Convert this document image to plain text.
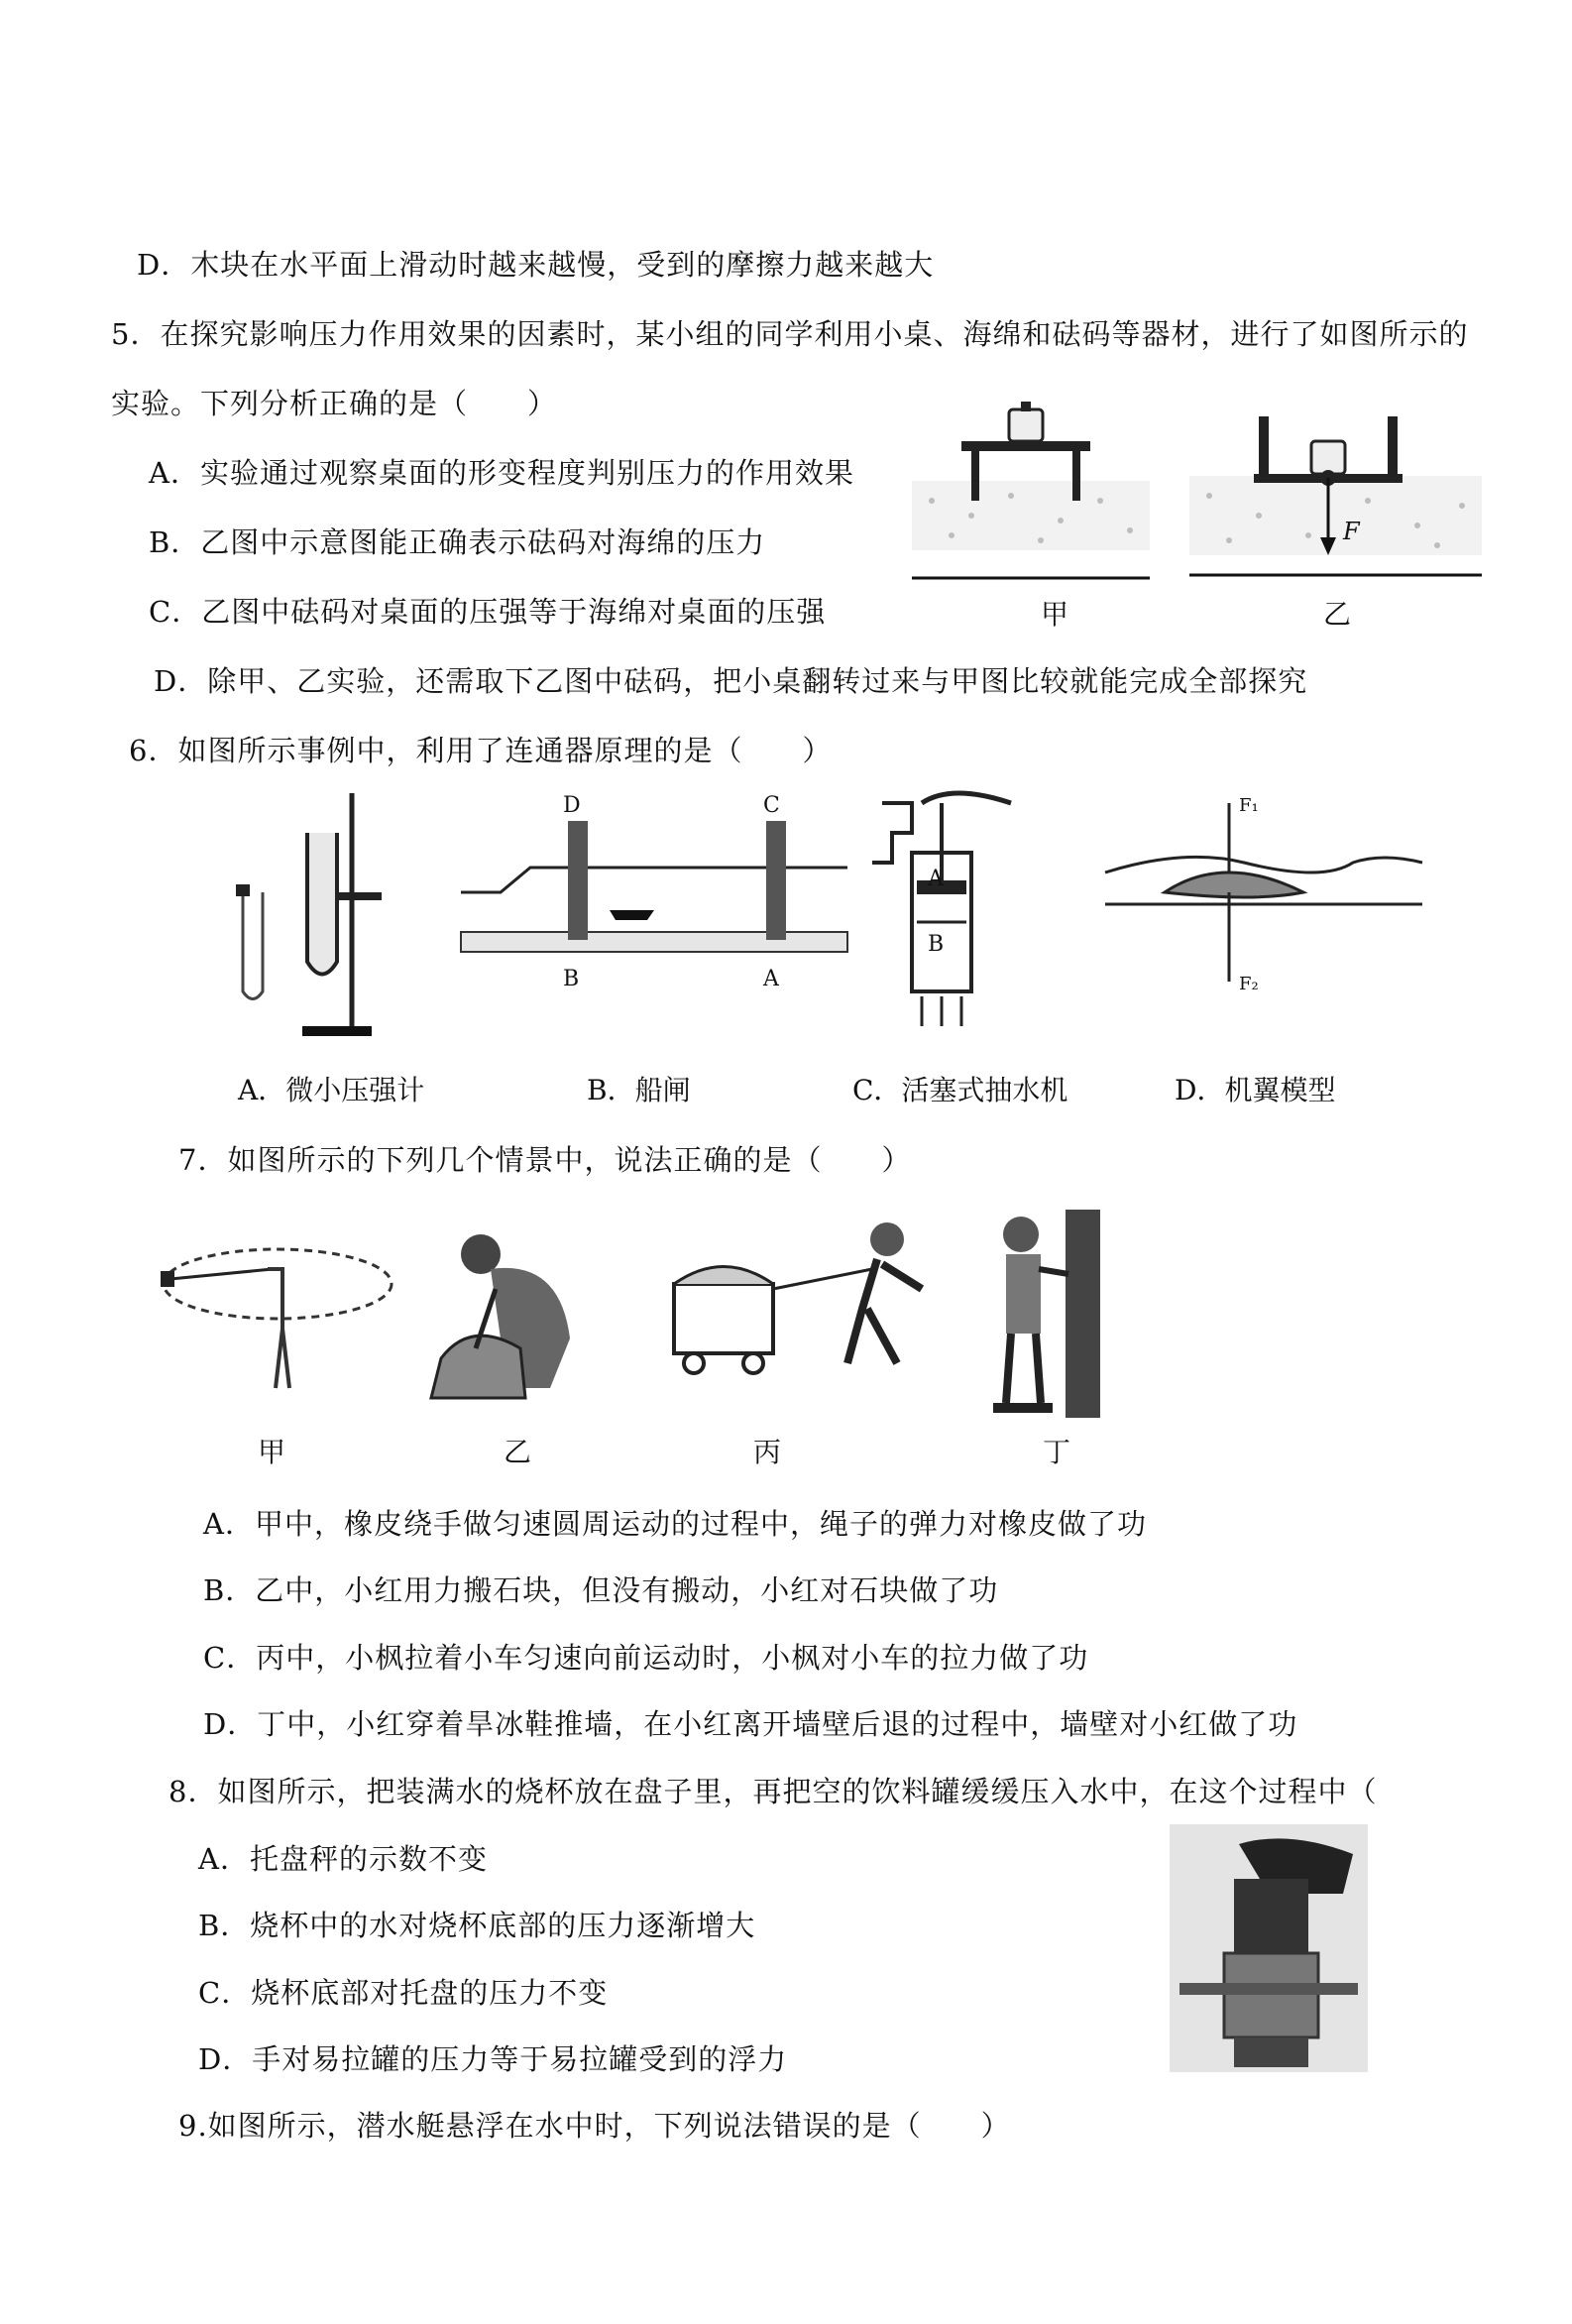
D．木块在水平面上滑动时越来越慢，受到的摩擦力越来越大
5．在探究影响压力作用效果的因素时，某小组的同学利用小桌、海绵和砝码等器材，进行了如图所示的
实验。下列分析正确的是（　　）
A．实验通过观察桌面的形变程度判别压力的作用效果
B．乙图中示意图能正确表示砝码对海绵的压力
C．乙图中砝码对桌面的压强等于海绵对桌面的压强
D．除甲、乙实验，还需取下乙图中砝码，把小桌翻转过来与甲图比较就能完成全部探究
甲
F
乙
6．如图所示事例中，利用了连通器原理的是（　　）
A．微小压强计
D	C
B	A
B．船闸
A
B
C．活塞式抽水机
F₁
F₂
D．机翼模型
7．如图所示的下列几个情景中，说法正确的是（　　）
甲	乙	丙	丁
A．甲中，橡皮绕手做匀速圆周运动的过程中，绳子的弹力对橡皮做了功
B．乙中，小红用力搬石块，但没有搬动，小红对石块做了功
C．丙中，小枫拉着小车匀速向前运动时，小枫对小车的拉力做了功
D．丁中，小红穿着旱冰鞋推墙，在小红离开墙壁后退的过程中，墙壁对小红做了功
8．如图所示，把装满水的烧杯放在盘子里，再把空的饮料罐缓缓压入水中，在这个过程中（
A．托盘秤的示数不变
B．烧杯中的水对烧杯底部的压力逐渐增大
C．烧杯底部对托盘的压力不变
D．手对易拉罐的压力等于易拉罐受到的浮力
9.如图所示，潜水艇悬浮在水中时，下列说法错误的是（　　）
